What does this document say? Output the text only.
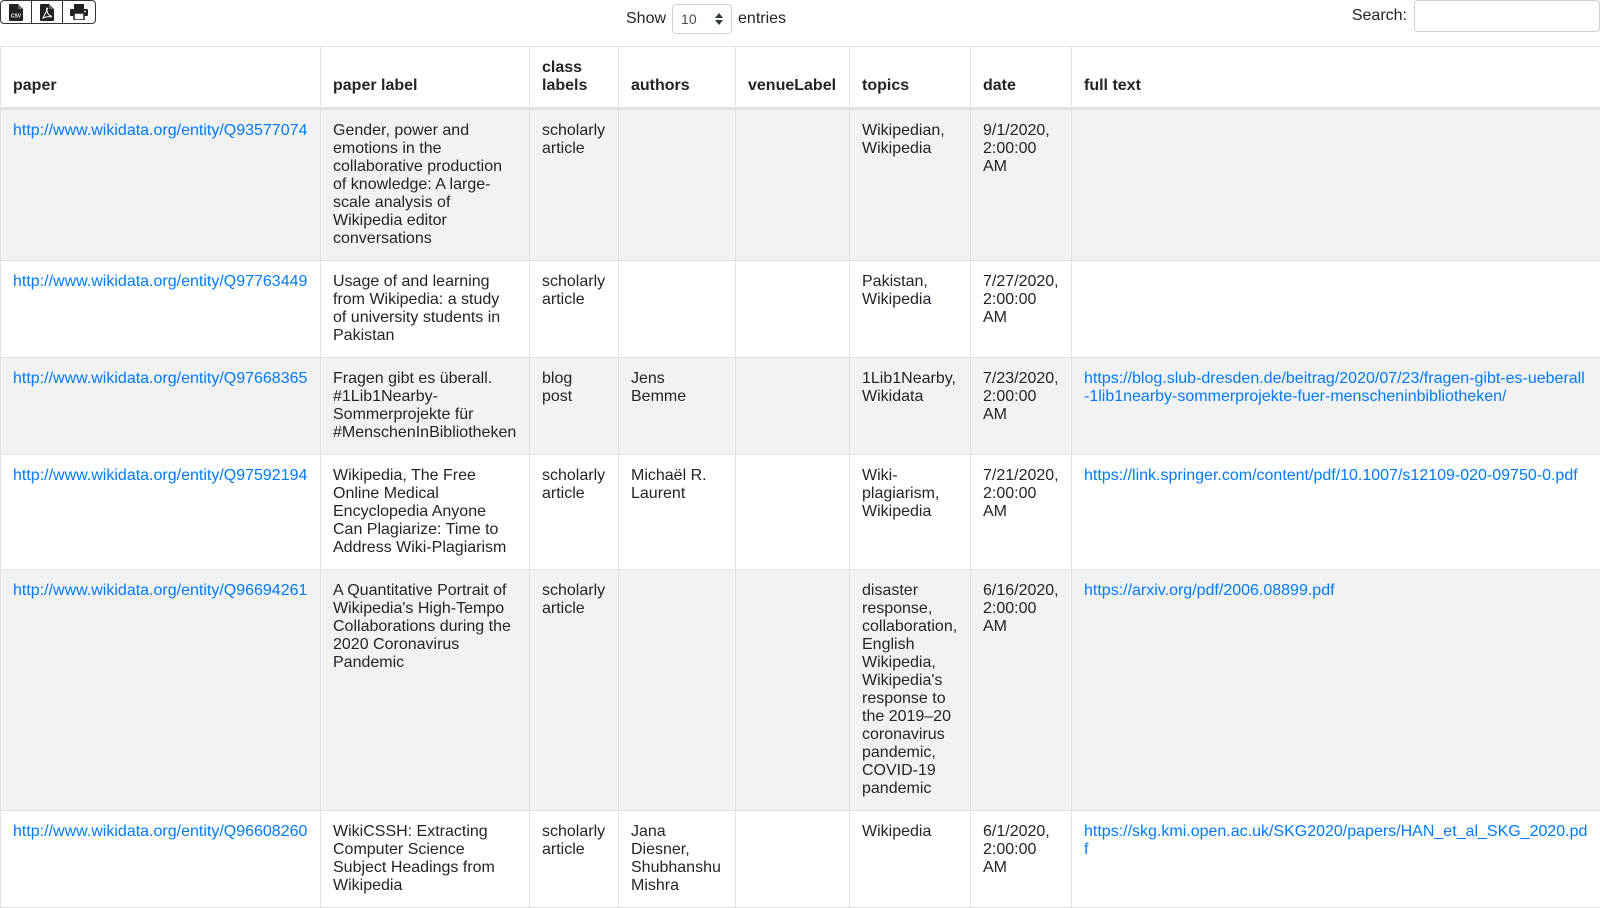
CSV	Show 10	entries	Search:
paper	paper label	class labels	authors	venueLabel	topics	date	full text
http://www.wikidata.org/entity/Q93577074	Gender, power and emotions in the collaborative production of knowledge: A large-scale analysis of Wikipedia editor conversations	scholarly article			Wikipedian, Wikipedia	9/1/2020, 2:00:00 AM	
http://www.wikidata.org/entity/Q97763449	Usage of and learning from Wikipedia: a study of university students in Pakistan	scholarly article			Pakistan, Wikipedia	7/27/2020, 2:00:00 AM	
http://www.wikidata.org/entity/Q97668365	Fragen gibt es überall. #1Lib1Nearby-Sommerprojekte für #MenschenInBibliotheken	blog post	Jens Bemme		1Lib1Nearby, Wikidata	7/23/2020, 2:00:00 AM	https://blog.slub-dresden.de/beitrag/2020/07/23/fragen-gibt-es-ueberall-1lib1nearby-sommerprojekte-fuer-menscheninbibliotheken/
http://www.wikidata.org/entity/Q97592194	Wikipedia, The Free Online Medical Encyclopedia Anyone Can Plagiarize: Time to Address Wiki-Plagiarism	scholarly article	Michaël R. Laurent		Wiki-plagiarism, Wikipedia	7/21/2020, 2:00:00 AM	https://link.springer.com/content/pdf/10.1007/s12109-020-09750-0.pdf
http://www.wikidata.org/entity/Q96694261	A Quantitative Portrait of Wikipedia's High-Tempo Collaborations during the 2020 Coronavirus Pandemic	scholarly article			disaster response, collaboration, English Wikipedia, Wikipedia's response to the 2019–20 coronavirus pandemic, COVID-19 pandemic	6/16/2020, 2:00:00 AM	https://arxiv.org/pdf/2006.08899.pdf
http://www.wikidata.org/entity/Q96608260	WikiCSSH: Extracting Computer Science Subject Headings from Wikipedia	scholarly article	Jana Diesner, Shubhanshu Mishra		Wikipedia	6/1/2020, 2:00:00 AM	https://skg.kmi.open.ac.uk/SKG2020/papers/HAN_et_al_SKG_2020.pdf
